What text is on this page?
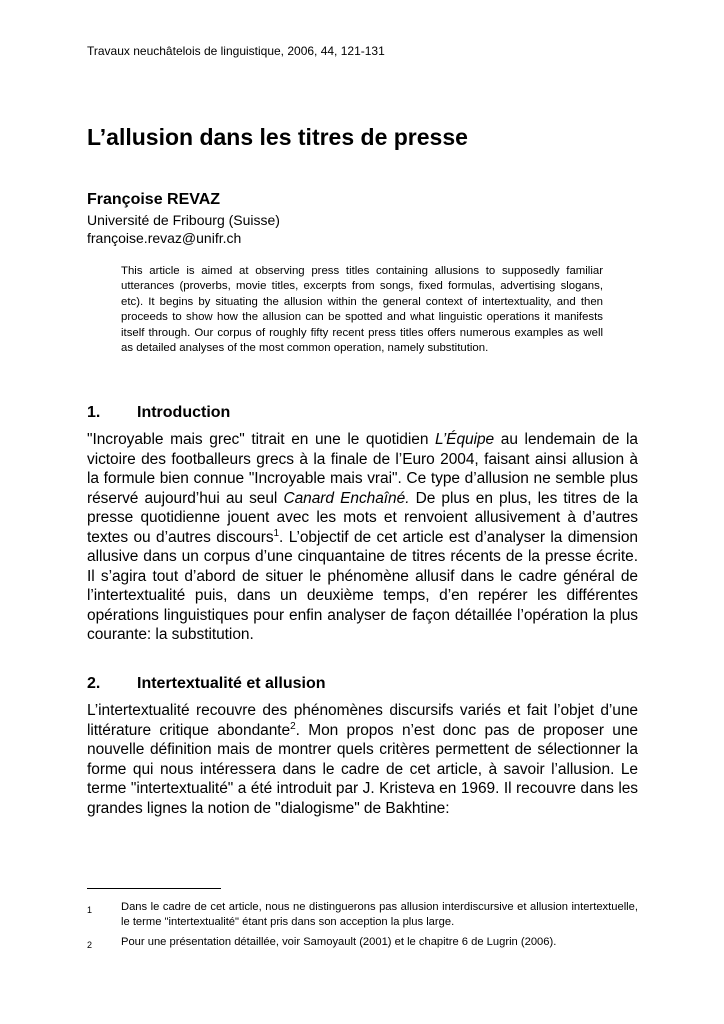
Travaux neuchâtelois de linguistique, 2006, 44, 121-131
L’allusion dans les titres de presse
Françoise REVAZ
Université de Fribourg (Suisse)
françoise.revaz@unifr.ch
This article is aimed at observing press titles containing allusions to supposedly familiar utterances (proverbs, movie titles, excerpts from songs, fixed formulas, advertising slogans, etc). It begins by situating the allusion within the general context of intertextuality, and then proceeds to show how the allusion can be spotted and what linguistic operations it manifests itself through. Our corpus of roughly fifty recent press titles offers numerous examples as well as detailed analyses of the most common operation, namely substitution.
1. Introduction
"Incroyable mais grec" titrait en une le quotidien L’Équipe au lendemain de la victoire des footballeurs grecs à la finale de l’Euro 2004, faisant ainsi allusion à la formule bien connue "Incroyable mais vrai". Ce type d’allusion ne semble plus réservé aujourd’hui au seul Canard Enchaîné. De plus en plus, les titres de la presse quotidienne jouent avec les mots et renvoient allusivement à d’autres textes ou d’autres discours$^1$. L’objectif de cet article est d’analyser la dimension allusive dans un corpus d’une cinquantaine de titres récents de la presse écrite. Il s’agira tout d’abord de situer le phénomène allusif dans le cadre général de l’intertextualité puis, dans un deuxième temps, d’en repérer les différentes opérations linguistiques pour enfin analyser de façon détaillée l’opération la plus courante: la substitution.
2. Intertextualité et allusion
L’intertextualité recouvre des phénomènes discursifs variés et fait l’objet d’une littérature critique abondante$^2$. Mon propos n’est donc pas de proposer une nouvelle définition mais de montrer quels critères permettent de sélectionner la forme qui nous intéressera dans le cadre de cet article, à savoir l’allusion. Le terme "intertextualité" a été introduit par J. Kristeva en 1969. Il recouvre dans les grandes lignes la notion de "dialogisme" de Bakhtine:
1	Dans le cadre de cet article, nous ne distinguerons pas allusion interdiscursive et allusion intertextuelle, le terme "intertextualité" étant pris dans son acception la plus large.
2	Pour une présentation détaillée, voir Samoyault (2001) et le chapitre 6 de Lugrin (2006).
